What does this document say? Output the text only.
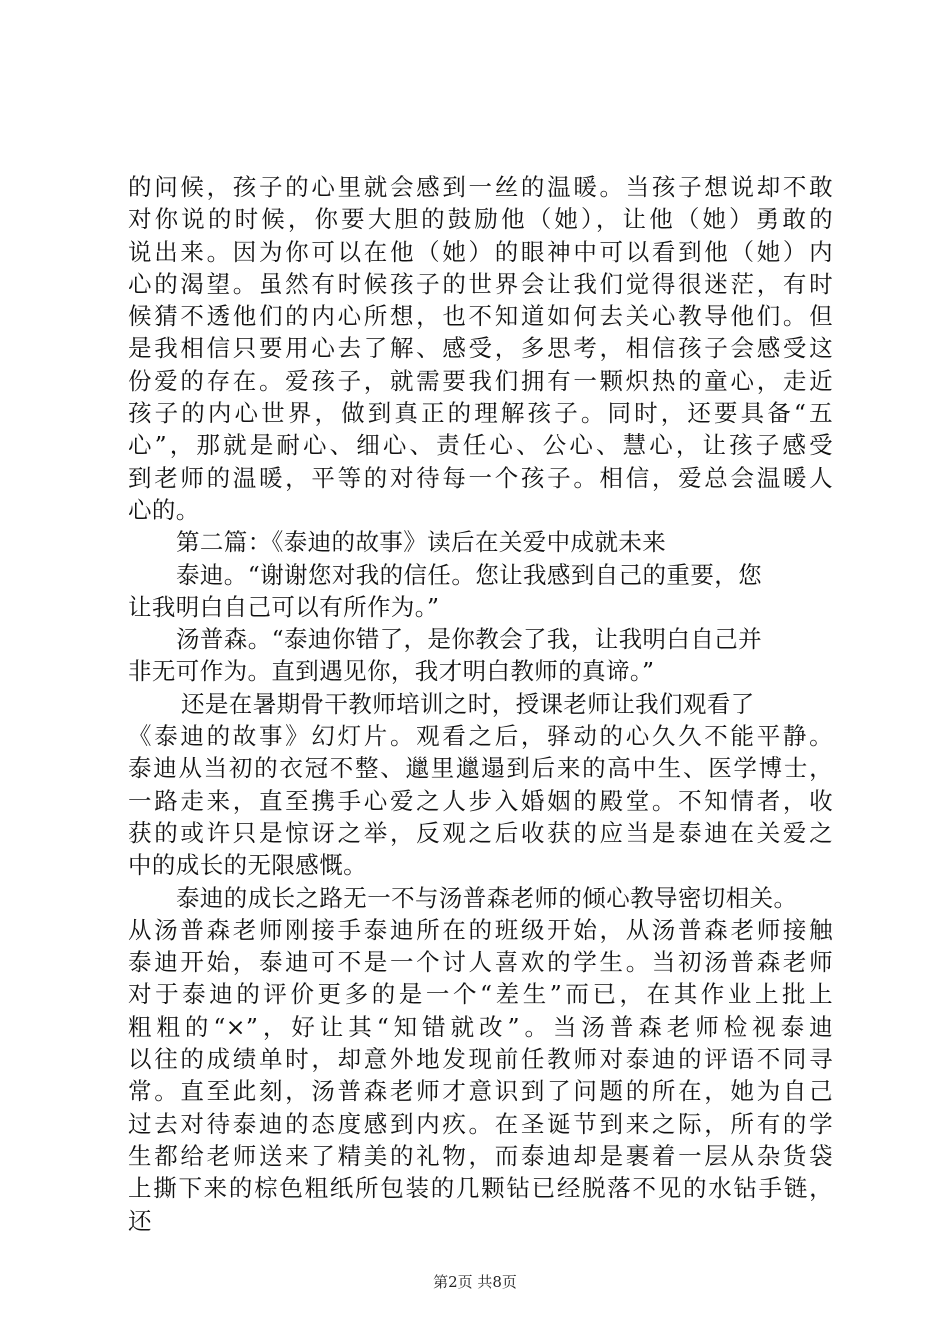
的问候，孩子的心里就会感到一丝的温暖。当孩子想说却不敢
对你说的时候，你要大胆的鼓励他（她），让他（她）勇敢的
说出来。因为你可以在他（她）的眼神中可以看到他（她）内
心的渴望。虽然有时候孩子的世界会让我们觉得很迷茫，有时
候猜不透他们的内心所想，也不知道如何去关心教导他们。但
是我相信只要用心去了解、感受，多思考，相信孩子会感受这
份爱的存在。爱孩子，就需要我们拥有一颗炽热的童心，走近
孩子的内心世界，做到真正的理解孩子。同时，还要具备“五
心”，那就是耐心、细心、责任心、公心、慧心，让孩子感受
到老师的温暖，平等的对待每一个孩子。相信，爱总会温暖人
心的。
第二篇：《泰迪的故事》读后在关爱中成就未来
泰迪。“谢谢您对我的信任。您让我感到自己的重要，您
让我明白自己可以有所作为。”
汤普森。“泰迪你错了，是你教会了我，让我明白自己并
非无可作为。直到遇见你，我才明白教师的真谛。”
还是在暑期骨干教师培训之时，授课老师让我们观看了
《泰迪的故事》幻灯片。观看之后，驿动的心久久不能平静。
泰迪从当初的衣冠不整、邋里邋遢到后来的高中生、医学博士，
一路走来，直至携手心爱之人步入婚姻的殿堂。不知情者，收
获的或许只是惊讶之举，反观之后收获的应当是泰迪在关爱之
中的成长的无限感慨。
泰迪的成长之路无一不与汤普森老师的倾心教导密切相关。
从汤普森老师刚接手泰迪所在的班级开始，从汤普森老师接触
泰迪开始，泰迪可不是一个讨人喜欢的学生。当初汤普森老师
对于泰迪的评价更多的是一个“差生”而已，在其作业上批上
粗粗的“×”，好让其“知错就改”。当汤普森老师检视泰迪
以往的成绩单时，却意外地发现前任教师对泰迪的评语不同寻
常。直至此刻，汤普森老师才意识到了问题的所在，她为自己
过去对待泰迪的态度感到内疚。在圣诞节到来之际，所有的学
生都给老师送来了精美的礼物，而泰迪却是裹着一层从杂货袋
上撕下来的棕色粗纸所包装的几颗钻已经脱落不见的水钻手链，
还
第2页 共8页
